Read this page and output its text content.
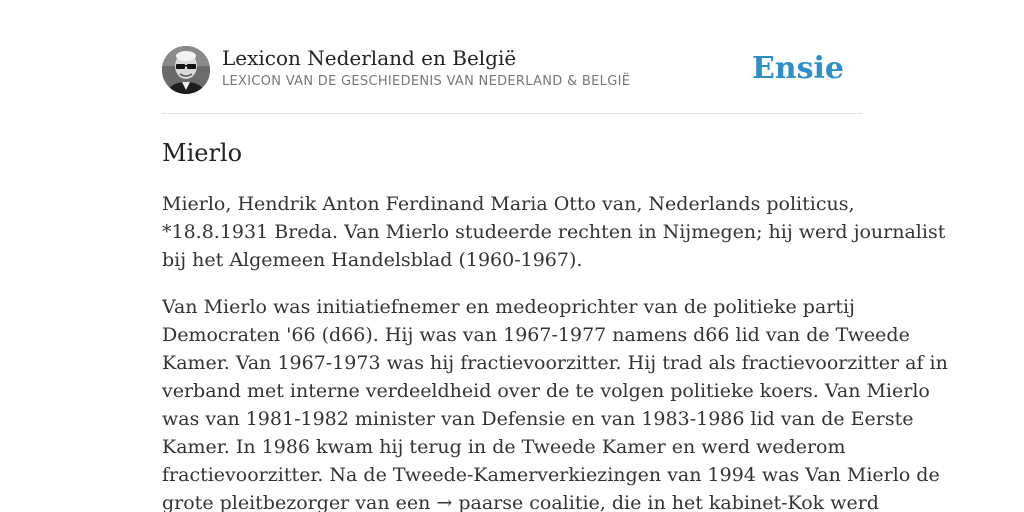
Lexicon Nederland en België
LEXICON VAN DE GESCHIEDENIS VAN NEDERLAND & BELGIË	Ensie
Mierlo

Mierlo, Hendrik Anton Ferdinand Maria Otto van, Nederlands politicus,
*18.8.1931 Breda. Van Mierlo studeerde rechten in Nijmegen; hij werd journalist
bij het Algemeen Handelsblad (1960-1967).

Van Mierlo was initiatiefnemer en medeoprichter van de politieke partij
Democraten '66 (d66). Hij was van 1967-1977 namens d66 lid van de Tweede
Kamer. Van 1967-1973 was hij fractievoorzitter. Hij trad als fractievoorzitter af in
verband met interne verdeeldheid over de te volgen politieke koers. Van Mierlo
was van 1981-1982 minister van Defensie en van 1983-1986 lid van de Eerste
Kamer. In 1986 kwam hij terug in de Tweede Kamer en werd wederom
fractievoorzitter. Na de Tweede-Kamerverkiezingen van 1994 was Van Mierlo de
grote pleitbezorger van een → paarse coalitie, die in het kabinet-Kok werd
